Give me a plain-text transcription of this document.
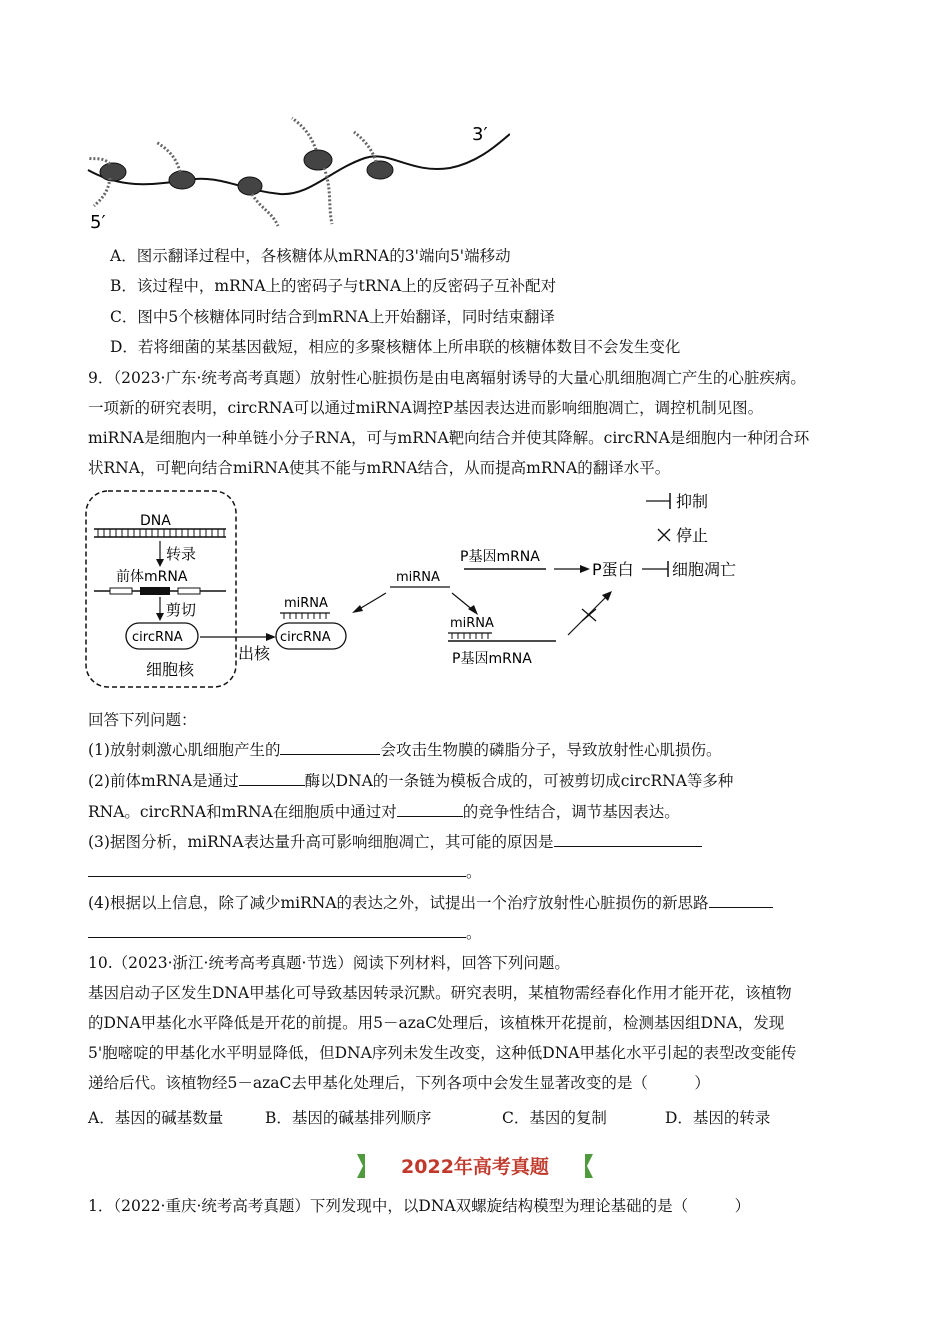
5′
3′
A．图示翻译过程中，各核糖体从mRNA的3'端向5'端移动
B．该过程中，mRNA上的密码子与tRNA上的反密码子互补配对
C．图中5个核糖体同时结合到mRNA上开始翻译，同时结束翻译
D．若将细菌的某基因截短，相应的多聚核糖体上所串联的核糖体数目不会发生变化
9．（2023·广东·统考高考真题）放射性心脏损伤是由电离辐射诱导的大量心肌细胞凋亡产生的心脏疾病。
一项新的研究表明，circRNA可以通过miRNA调控P基因表达进而影响细胞凋亡，调控机制见图。
miRNA是细胞内一种单链小分子RNA，可与mRNA靶向结合并使其降解。circRNA是细胞内一种闭合环
状RNA，可靶向结合miRNA使其不能与mRNA结合，从而提高mRNA的翻译水平。
DNA
转录
前体mRNA
剪切
circRNA
细胞核
出核
miRNA
circRNA
miRNA
P基因mRNA
P蛋白 细胞凋亡
miRNA
P基因mRNA
抑制
停止
回答下列问题：
(1)放射刺激心肌细胞产生的	会攻击生物膜的磷脂分子，导致放射性心肌损伤。
(2)前体mRNA是通过	酶以DNA的一条链为模板合成的，可被剪切成circRNA等多种
RNA。circRNA和mRNA在细胞质中通过对	的竞争性结合，调节基因表达。
(3)据图分析，miRNA表达量升高可影响细胞凋亡，其可能的原因是
。
(4)根据以上信息，除了减少miRNA的表达之外，试提出一个治疗放射性心脏损伤的新思路
。
10.（2023·浙江·统考高考真题·节选）阅读下列材料，回答下列问题。
基因启动子区发生DNA甲基化可导致基因转录沉默。研究表明，某植物需经春化作用才能开花，该植物
的DNA甲基化水平降低是开花的前提。用5－azaC处理后，该植株开花提前，检测基因组DNA，发现
5'胞嘧啶的甲基化水平明显降低，但DNA序列未发生改变，这种低DNA甲基化水平引起的表型改变能传
递给后代。该植物经5－azaC去甲基化处理后，下列各项中会发生显著改变的是（　　　）
A．基因的碱基数量	B．基因的碱基排列顺序	C．基因的复制	D．基因的转录
2022年高考真题
1．（2022·重庆·统考高考真题）下列发现中，以DNA双螺旋结构模型为理论基础的是（　　　）
